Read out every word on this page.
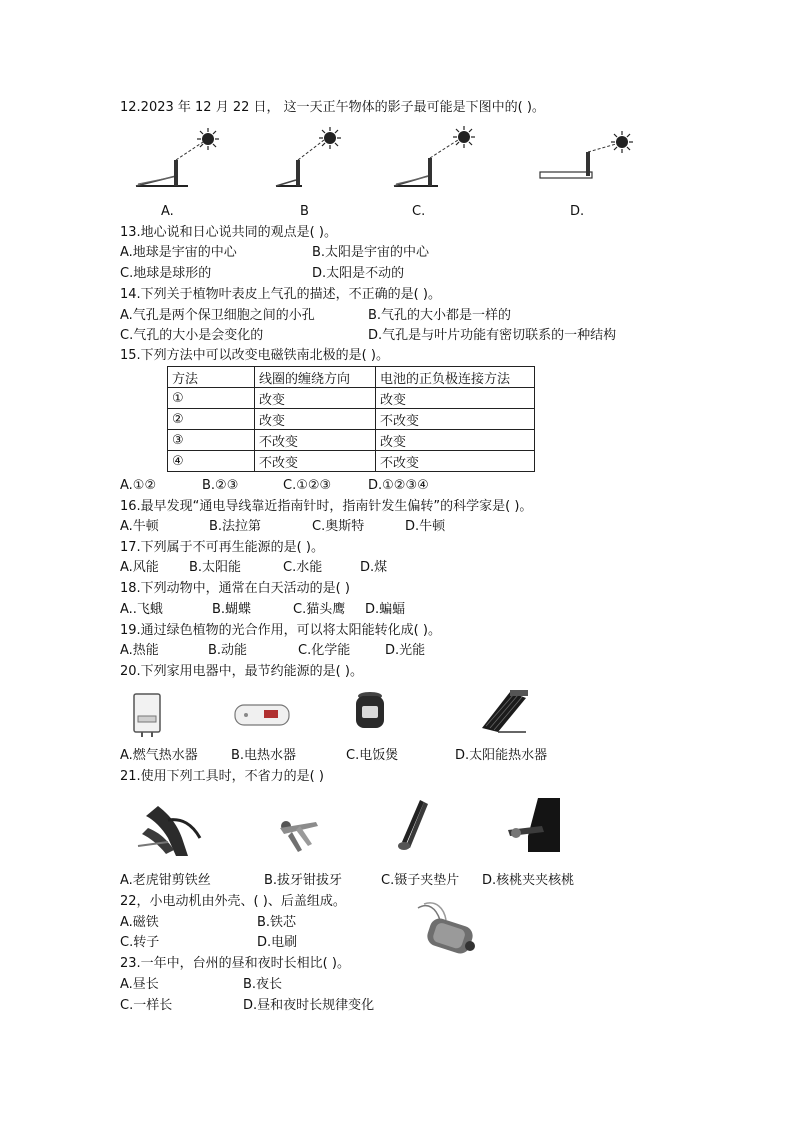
12.2023 年 12 月 22 日， 这一天正午物体的影子最可能是下图中的( )。
A.	B	C.	D.
13.地心说和日心说共同的观点是( )。
A.地球是宇宙的中心	B.太阳是宇宙的中心
C.地球是球形的	D.太阳是不动的
14.下列关于植物叶表皮上气孔的描述，不正确的是( )。
A.气孔是两个保卫细胞之间的小孔	B.气孔的大小都是一样的
C.气孔的大小是会变化的	D.气孔是与叶片功能有密切联系的一种结构
15.下列方法中可以改变电磁铁南北极的是( )。
方法	线圈的缠绕方向	电池的正负极连接方法
①	改变	改变
②	改变	不改变
③	不改变	改变
④	不改变	不改变
A.①②	B.②③	C.①②③	D.①②③④
16.最早发现“通电导线靠近指南针时，指南针发生偏转”的科学家是( )。
A.牛顿	B.法拉第	C.奥斯特	D.牛顿
17.下列属于不可再生能源的是( )。
A.风能 B.太阳能	C.水能	D.煤
18.下列动物中，通常在白天活动的是( )
A..飞蛾	B.蝴蝶	C.猫头鹰 D.蝙蝠
19.通过绿色植物的光合作用，可以将太阳能转化成( )。
A.热能	B.动能	C.化学能	D.光能
20.下列家用电器中，最节约能源的是( )。
A.燃气热水器	B.电热水器	C.电饭煲	D.太阳能热水器
21.使用下列工具时，不省力的是( )
A.老虎钳剪铁丝	B.拔牙钳拔牙	C.镊子夹垫片 D.核桃夹夹核桃
22，小电动机由外壳、( )、后盖组成。
A.磁铁	B.铁芯
C.转子	D.电刷
23.一年中，台州的昼和夜时长相比( )。
A.昼长	B.夜长
C.一样长	D.昼和夜时长规律变化
